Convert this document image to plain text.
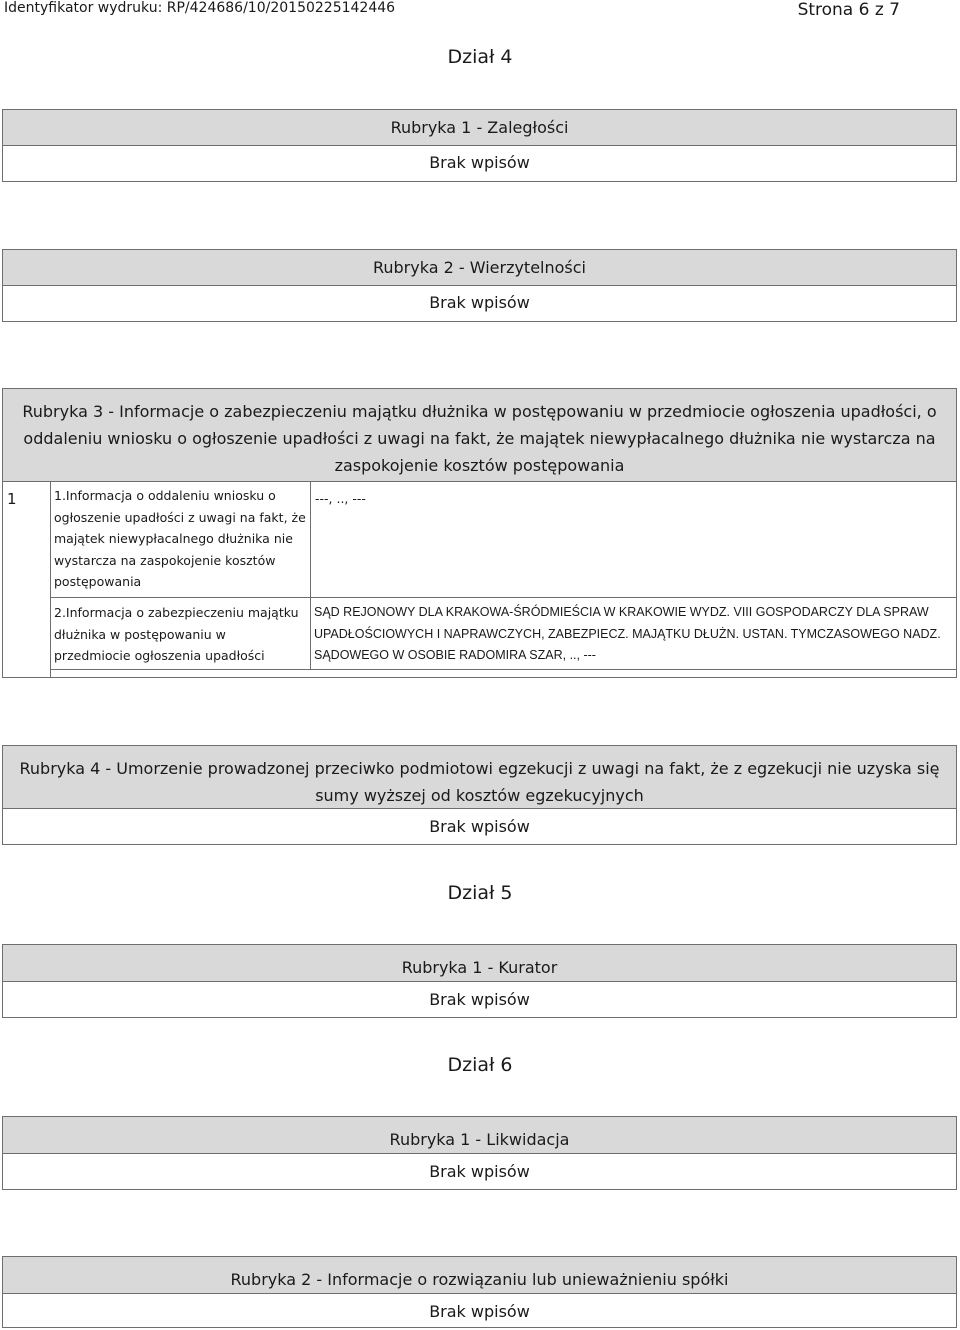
Identyfikator wydruku: RP/424686/10/20150225142446	Strona 6 z 7
Dział 4
Rubryka 1 - Zaległości
Brak wpisów
Rubryka 2 - Wierzytelności
Brak wpisów
Rubryka 3 - Informacje o zabezpieczeniu majątku dłużnika w postępowaniu w przedmiocie ogłoszenia upadłości, o
oddaleniu wniosku o ogłoszenie upadłości z uwagi na fakt, że majątek niewypłacalnego dłużnika nie wystarcza na
zaspokojenie kosztów postępowania
1	1.Informacja o oddaleniu wniosku o ogłoszenie upadłości z uwagi na fakt, że majątek niewypłacalnego dłużnika nie wystarcza na zaspokojenie kosztów postępowania
---, .., ---
2.Informacja o zabezpieczeniu majątku dłużnika w postępowaniu w przedmiocie ogłoszenia upadłości
SĄD REJONOWY DLA KRAKOWA-ŚRÓDMIEŚCIA W KRAKOWIE WYDZ. VIII GOSPODARCZY DLA SPRAW UPADŁOŚCIOWYCH I NAPRAWCZYCH, ZABEZPIECZ. MAJĄTKU DŁUŻN. USTAN. TYMCZASOWEGO NADZ. SĄDOWEGO W OSOBIE RADOMIRA SZAR, .., ---
Rubryka 4 - Umorzenie prowadzonej przeciwko podmiotowi egzekucji z uwagi na fakt, że z egzekucji nie uzyska się
sumy wyższej od kosztów egzekucyjnych
Brak wpisów
Dział 5
Rubryka 1 - Kurator
Brak wpisów
Dział 6
Rubryka 1 - Likwidacja
Brak wpisów
Rubryka 2 - Informacje o rozwiązaniu lub unieważnieniu spółki
Brak wpisów
